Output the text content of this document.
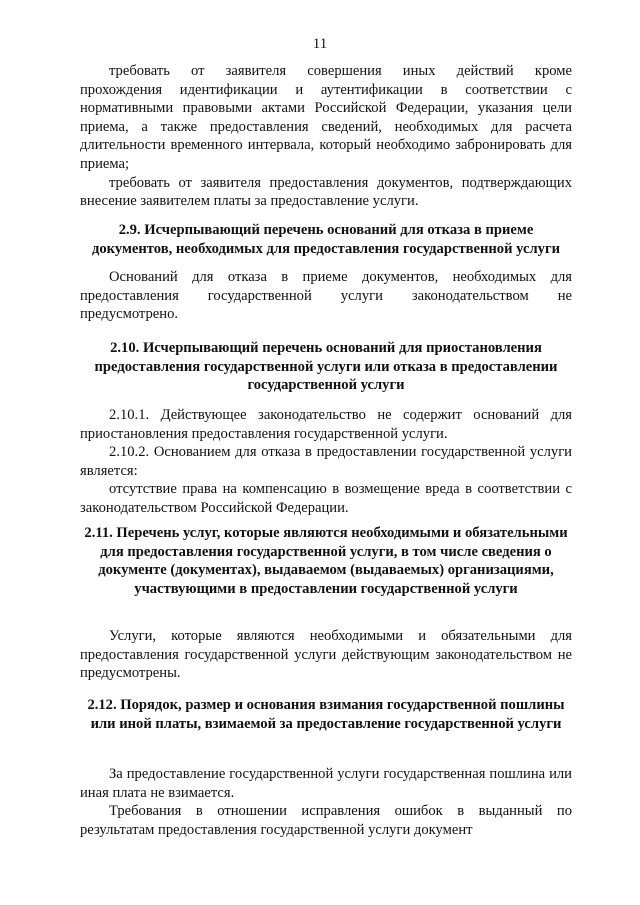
11

требовать от заявителя совершения иных действий кроме

прохождения идентификации и аутентификации в соответствии с нормативными правовыми актами Российской Федерации, указания цели приема, а также предоставления сведений, необходимых для расчета длительности временного интервала, который необходимо забронировать для приема;

требовать от заявителя предоставления документов, подтверждающих внесение заявителем платы за предоставление услуги.

2.9. Исчерпывающий перечень оснований для отказа в приеме документов, необходимых для предоставления государственной услуги

Оснований для отказа в приеме документов, необходимых для предоставления государственной услуги законодательством не предусмотрено.

2.10. Исчерпывающий перечень оснований для приостановления предоставления государственной услуги или отказа в предоставлении государственной услуги

2.10.1. Действующее законодательство не содержит оснований для приостановления предоставления государственной услуги.

2.10.2. Основанием для отказа в предоставлении государственной услуги является:

отсутствие права на компенсацию в возмещение вреда в соответствии с законодательством Российской Федерации.

2.11. Перечень услуг, которые являются необходимыми и обязательными для предоставления государственной услуги, в том числе сведения о документе (документах), выдаваемом (выдаваемых) организациями, участвующими в предоставлении государственной услуги

Услуги, которые являются необходимыми и обязательными для предоставления государственной услуги действующим законодательством не предусмотрены.

2.12. Порядок, размер и основания взимания государственной пошлины или иной платы, взимаемой за предоставление государственной услуги

За предоставление государственной услуги государственная пошлина или иная плата не взимается.

Требования в отношении исправления ошибок в выданный по результатам предоставления государственной услуги документ
